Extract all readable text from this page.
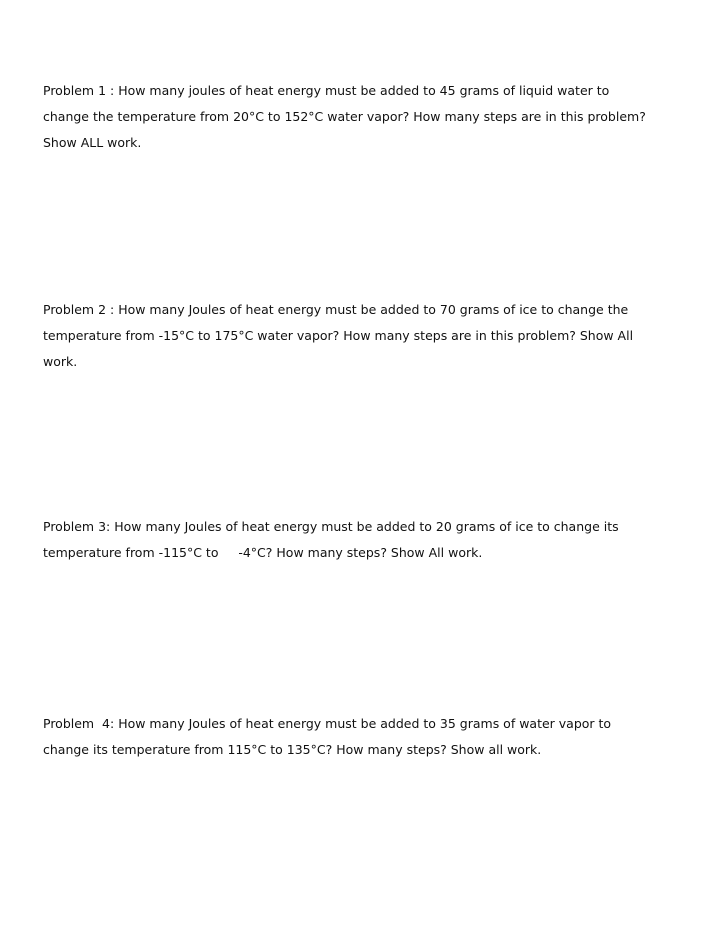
Problem 1 : How many joules of heat energy must be added to 45 grams of liquid water to
change the temperature from 20°C to 152°C water vapor? How many steps are in this problem?
Show ALL work.
Problem 2 : How many Joules of heat energy must be added to 70 grams of ice to change the
temperature from -15°C to 175°C water vapor? How many steps are in this problem? Show All
work.
Problem 3: How many Joules of heat energy must be added to 20 grams of ice to change its
temperature from -115°C to     -4°C? How many steps? Show All work.
Problem  4: How many Joules of heat energy must be added to 35 grams of water vapor to
change its temperature from 115°C to 135°C? How many steps? Show all work.
